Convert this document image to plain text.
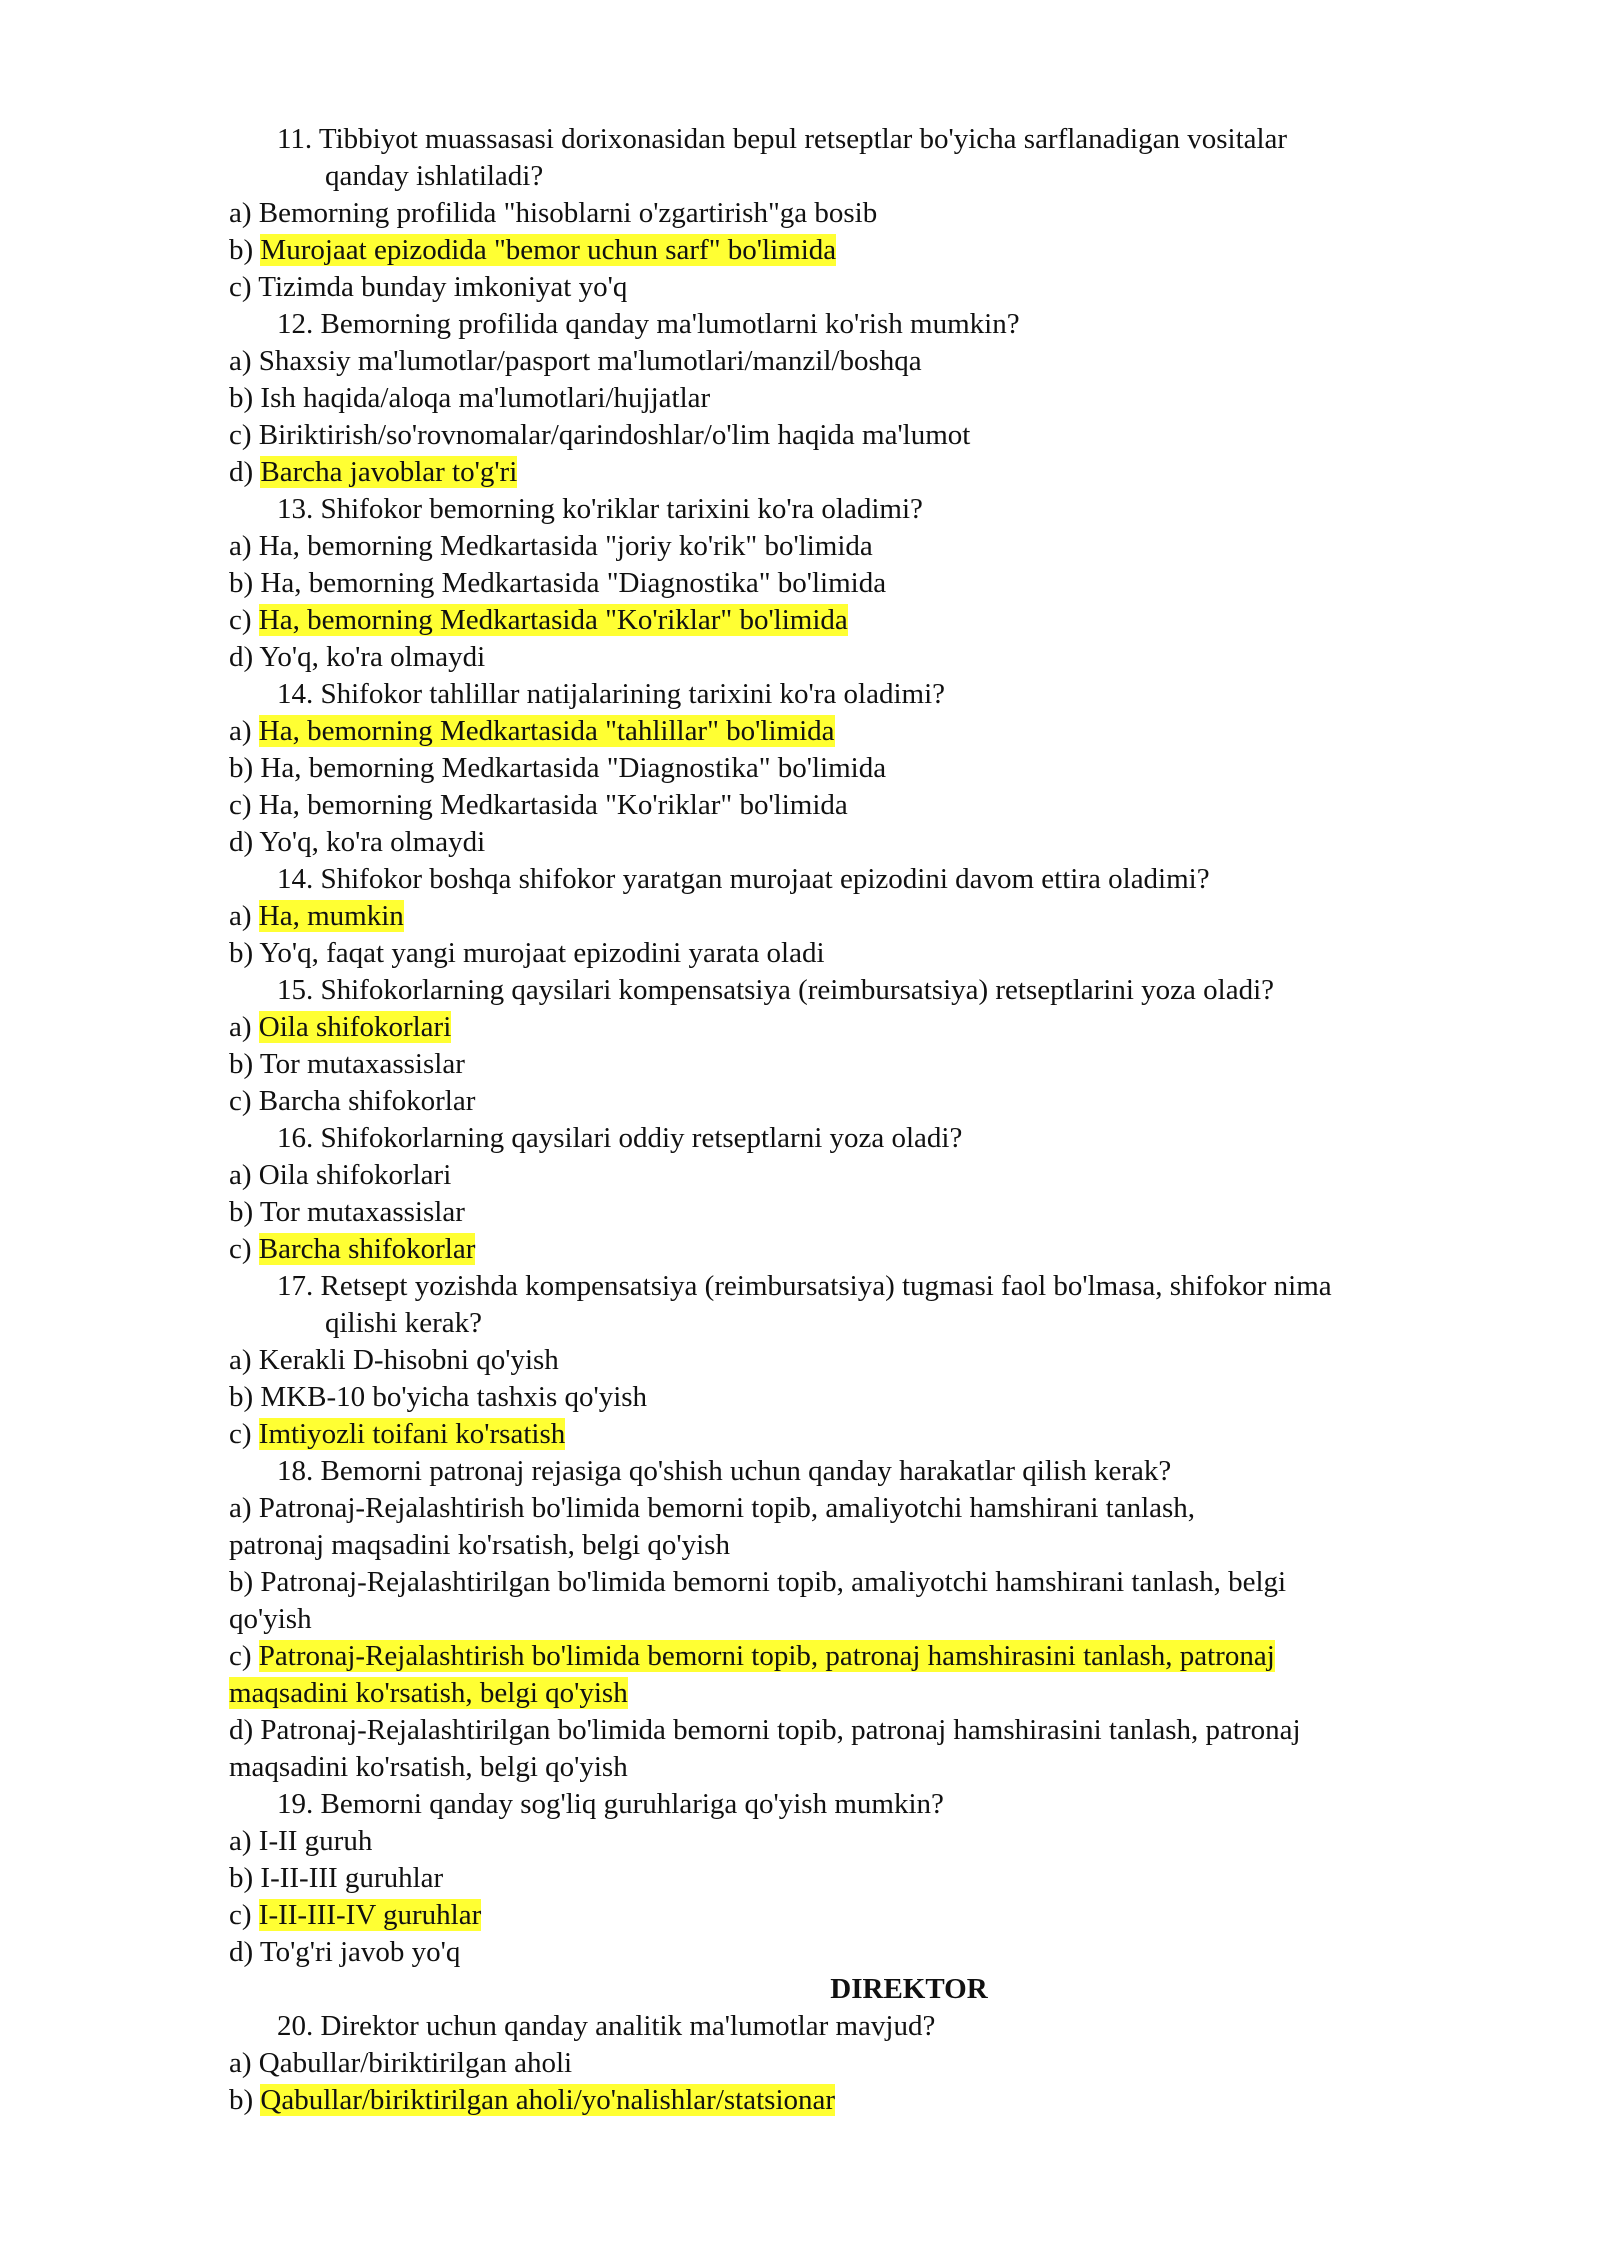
11. Tibbiyot muassasasi dorixonasidan bepul retseptlar bo'yicha sarflanadigan vositalar
qanday ishlatiladi?
a) Bemorning profilida "hisoblarni o'zgartirish"ga bosib
b) Murojaat epizodida "bemor uchun sarf" bo'limida
c) Tizimda bunday imkoniyat yo'q
12. Bemorning profilida qanday ma'lumotlarni ko'rish mumkin?
a) Shaxsiy ma'lumotlar/pasport ma'lumotlari/manzil/boshqa
b) Ish haqida/aloqa ma'lumotlari/hujjatlar
c) Biriktirish/so'rovnomalar/qarindoshlar/o'lim haqida ma'lumot
d) Barcha javoblar to'g'ri
13. Shifokor bemorning ko'riklar tarixini ko'ra oladimi?
a) Ha, bemorning Medkartasida "joriy ko'rik" bo'limida
b) Ha, bemorning Medkartasida "Diagnostika" bo'limida
c) Ha, bemorning Medkartasida "Ko'riklar" bo'limida
d) Yo'q, ko'ra olmaydi
14. Shifokor tahlillar natijalarining tarixini ko'ra oladimi?
a) Ha, bemorning Medkartasida "tahlillar" bo'limida
b) Ha, bemorning Medkartasida "Diagnostika" bo'limida
c) Ha, bemorning Medkartasida "Ko'riklar" bo'limida
d) Yo'q, ko'ra olmaydi
14. Shifokor boshqa shifokor yaratgan murojaat epizodini davom ettira oladimi?
a) Ha, mumkin
b) Yo'q, faqat yangi murojaat epizodini yarata oladi
15. Shifokorlarning qaysilari kompensatsiya (reimbursatsiya) retseptlarini yoza oladi?
a) Oila shifokorlari
b) Tor mutaxassislar
c) Barcha shifokorlar
16. Shifokorlarning qaysilari oddiy retseptlarni yoza oladi?
a) Oila shifokorlari
b) Tor mutaxassislar
c) Barcha shifokorlar
17. Retsept yozishda kompensatsiya (reimbursatsiya) tugmasi faol bo'lmasa, shifokor nima
qilishi kerak?
a) Kerakli D-hisobni qo'yish
b) MKB-10 bo'yicha tashxis qo'yish
c) Imtiyozli toifani ko'rsatish
18. Bemorni patronaj rejasiga qo'shish uchun qanday harakatlar qilish kerak?
a) Patronaj-Rejalashtirish bo'limida bemorni topib, amaliyotchi hamshirani tanlash,
patronaj maqsadini ko'rsatish, belgi qo'yish
b) Patronaj-Rejalashtirilgan bo'limida bemorni topib, amaliyotchi hamshirani tanlash, belgi
qo'yish
c) Patronaj-Rejalashtirish bo'limida bemorni topib, patronaj hamshirasini tanlash, patronaj
maqsadini ko'rsatish, belgi qo'yish
d) Patronaj-Rejalashtirilgan bo'limida bemorni topib, patronaj hamshirasini tanlash, patronaj
maqsadini ko'rsatish, belgi qo'yish
19. Bemorni qanday sog'liq guruhlariga qo'yish mumkin?
a) I-II guruh
b) I-II-III guruhlar
c) I-II-III-IV guruhlar
d) To'g'ri javob yo'q
DIREKTOR
20. Direktor uchun qanday analitik ma'lumotlar mavjud?
a) Qabullar/biriktirilgan aholi
b) Qabullar/biriktirilgan aholi/yo'nalishlar/statsionar
